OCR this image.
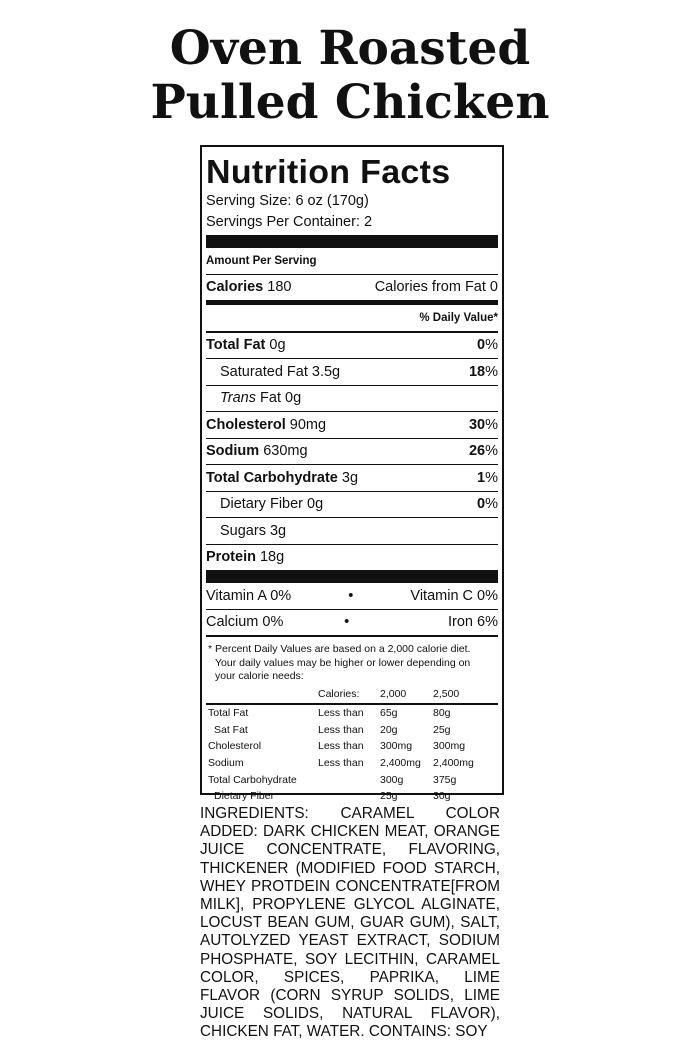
Oven Roasted
Pulled Chicken
Nutrition Facts
Serving Size: 6 oz (170g)
Servings Per Container: 2
Amount Per Serving
Calories 180	Calories from Fat 0
% Daily Value*
Total Fat 0g	0%
Saturated Fat 3.5g	18%
Trans Fat 0g
Cholesterol 90mg	30%
Sodium 630mg	26%
Total Carbohydrate 3g	1%
Dietary Fiber 0g	0%
Sugars 3g
Protein 18g
Vitamin A 0%	•	Vitamin C 0%
Calcium 0%	•	Iron 6%
* Percent Daily Values are based on a 2,000 calorie diet.
Your daily values may be higher or lower depending on
your calorie needs:
	Calories:	2,000	2,500
Total Fat	Less than	65g	80g
Sat Fat	Less than	20g	25g
Cholesterol	Less than	300mg	300mg
Sodium	Less than	2,400mg	2,400mg
Total Carbohydrate		300g	375g
Dietary Fiber		25g	30g
INGREDIENTS: CARAMEL COLOR ADDED: DARK CHICKEN MEAT, ORANGE JUICE CONCENTRATE, FLAVORING, THICKENER (MODIFIED FOOD STARCH, WHEY PROTDEIN CONCENTRATE[FROM MILK], PROPYLENE GLYCOL ALGINATE, LOCUST BEAN GUM, GUAR GUM), SALT, AUTOLYZED YEAST EXTRACT, SODIUM PHOSPHATE, SOY LECITHIN, CARAMEL COLOR, SPICES, PAPRIKA, LIME FLAVOR (CORN SYRUP SOLIDS, LIME JUICE SOLIDS, NATURAL FLAVOR), CHICKEN FAT, WATER. CONTAINS: SOY
